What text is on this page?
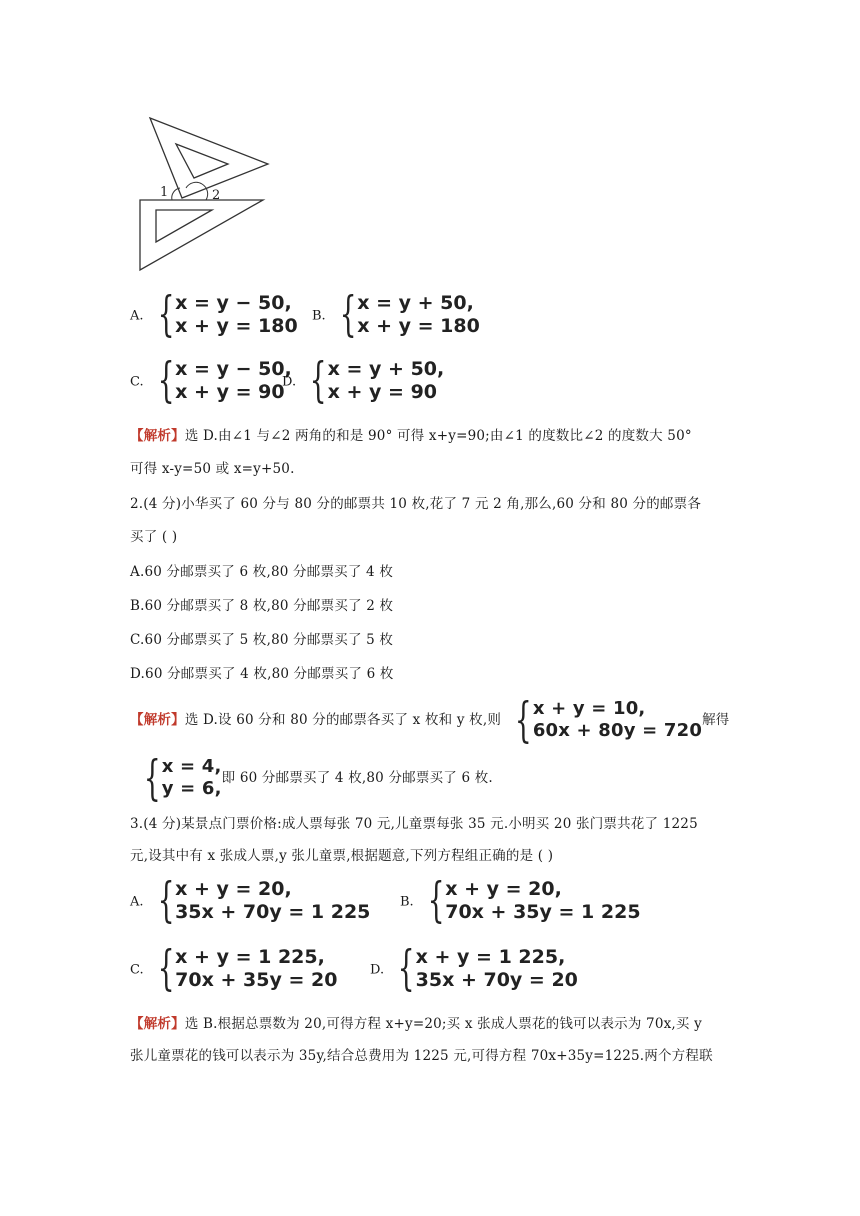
1	2
A. { x = y − 50,
x + y = 180 B. { x = y + 50,
x + y = 180
C. { x = y − 50,
x + y = 90
D. { x = y + 50,
x + y = 90
【解析】选 D.由∠1 与∠2 两角的和是 90° 可得 x+y=90;由∠1 的度数比∠2 的度数大 50°
可得 x-y=50 或 x=y+50.
2.(4 分)小华买了 60 分与 80 分的邮票共 10 枚,花了 7 元 2 角,那么,60 分和 80 分的邮票各
买了 ( )
A.60 分邮票买了 6 枚,80 分邮票买了 4 枚
B.60 分邮票买了 8 枚,80 分邮票买了 2 枚
C.60 分邮票买了 5 枚,80 分邮票买了 5 枚
D.60 分邮票买了 4 枚,80 分邮票买了 6 枚
【解析】 选 D.设 60 分和 80 分的邮票各买了 x 枚和 y 枚,则 { x + y = 10,
60x + 80y = 720 解得
{ x = 4,
y = 6, 即 60 分邮票买了 4 枚,80 分邮票买了 6 枚.
3.(4 分)某景点门票价格:成人票每张 70 元,儿童票每张 35 元.小明买 20 张门票共花了 1225
元,设其中有 x 张成人票,y 张儿童票,根据题意,下列方程组正确的是 ( )
A. { x + y = 20,
35x + 70y = 1 225 B. { x + y = 20,
70x + 35y = 1 225
C. { x + y = 1 225,
70x + 35y = 20	D. { x + y = 1 225,
35x + 70y = 20
【解析】选 B.根据总票数为 20,可得方程 x+y=20;买 x 张成人票花的钱可以表示为 70x,买 y
张儿童票花的钱可以表示为 35y,结合总费用为 1225 元,可得方程 70x+35y=1225.两个方程联
